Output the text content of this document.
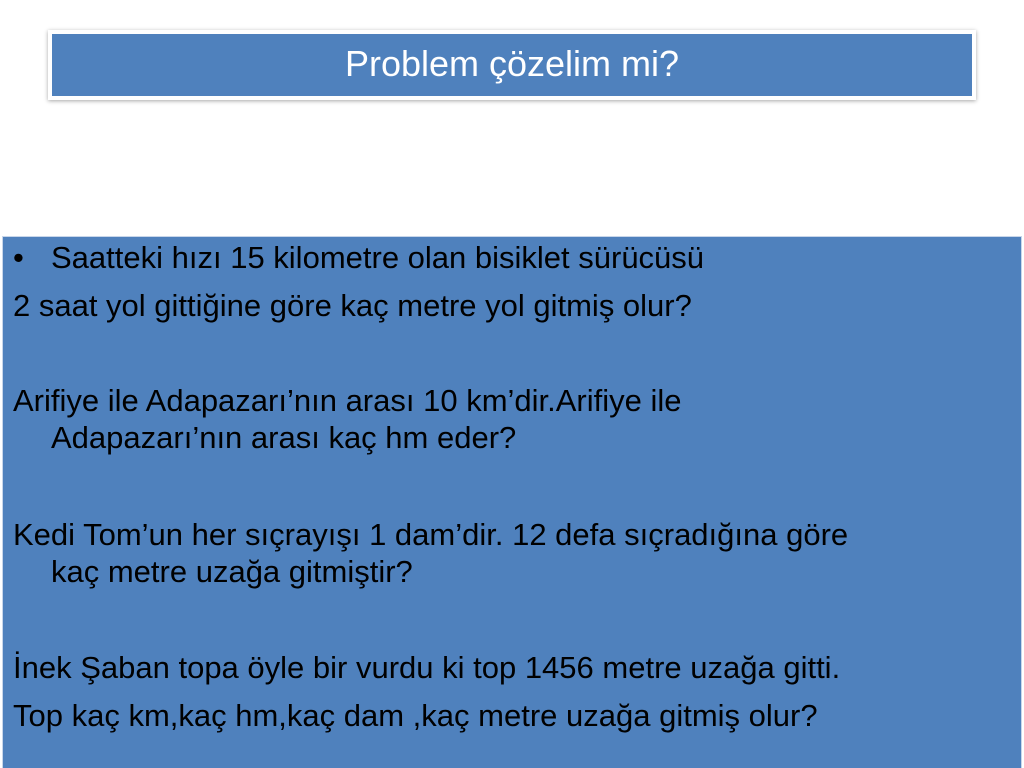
Problem çözelim mi?
• Saatteki hızı 15 kilometre olan bisiklet sürücüsü
2 saat yol gittiğine göre kaç metre yol gitmiş olur?
Arifiye ile Adapazarı’nın arası 10 km’dir.Arifiye ile
Adapazarı’nın arası kaç hm eder?
Kedi Tom’un her sıçrayışı 1 dam’dir. 12 defa sıçradığına göre
kaç metre uzağa gitmiştir?
İnek Şaban topa öyle bir vurdu ki top 1456 metre uzağa gitti.
Top kaç km,kaç hm,kaç dam ,kaç metre uzağa gitmiş olur?
